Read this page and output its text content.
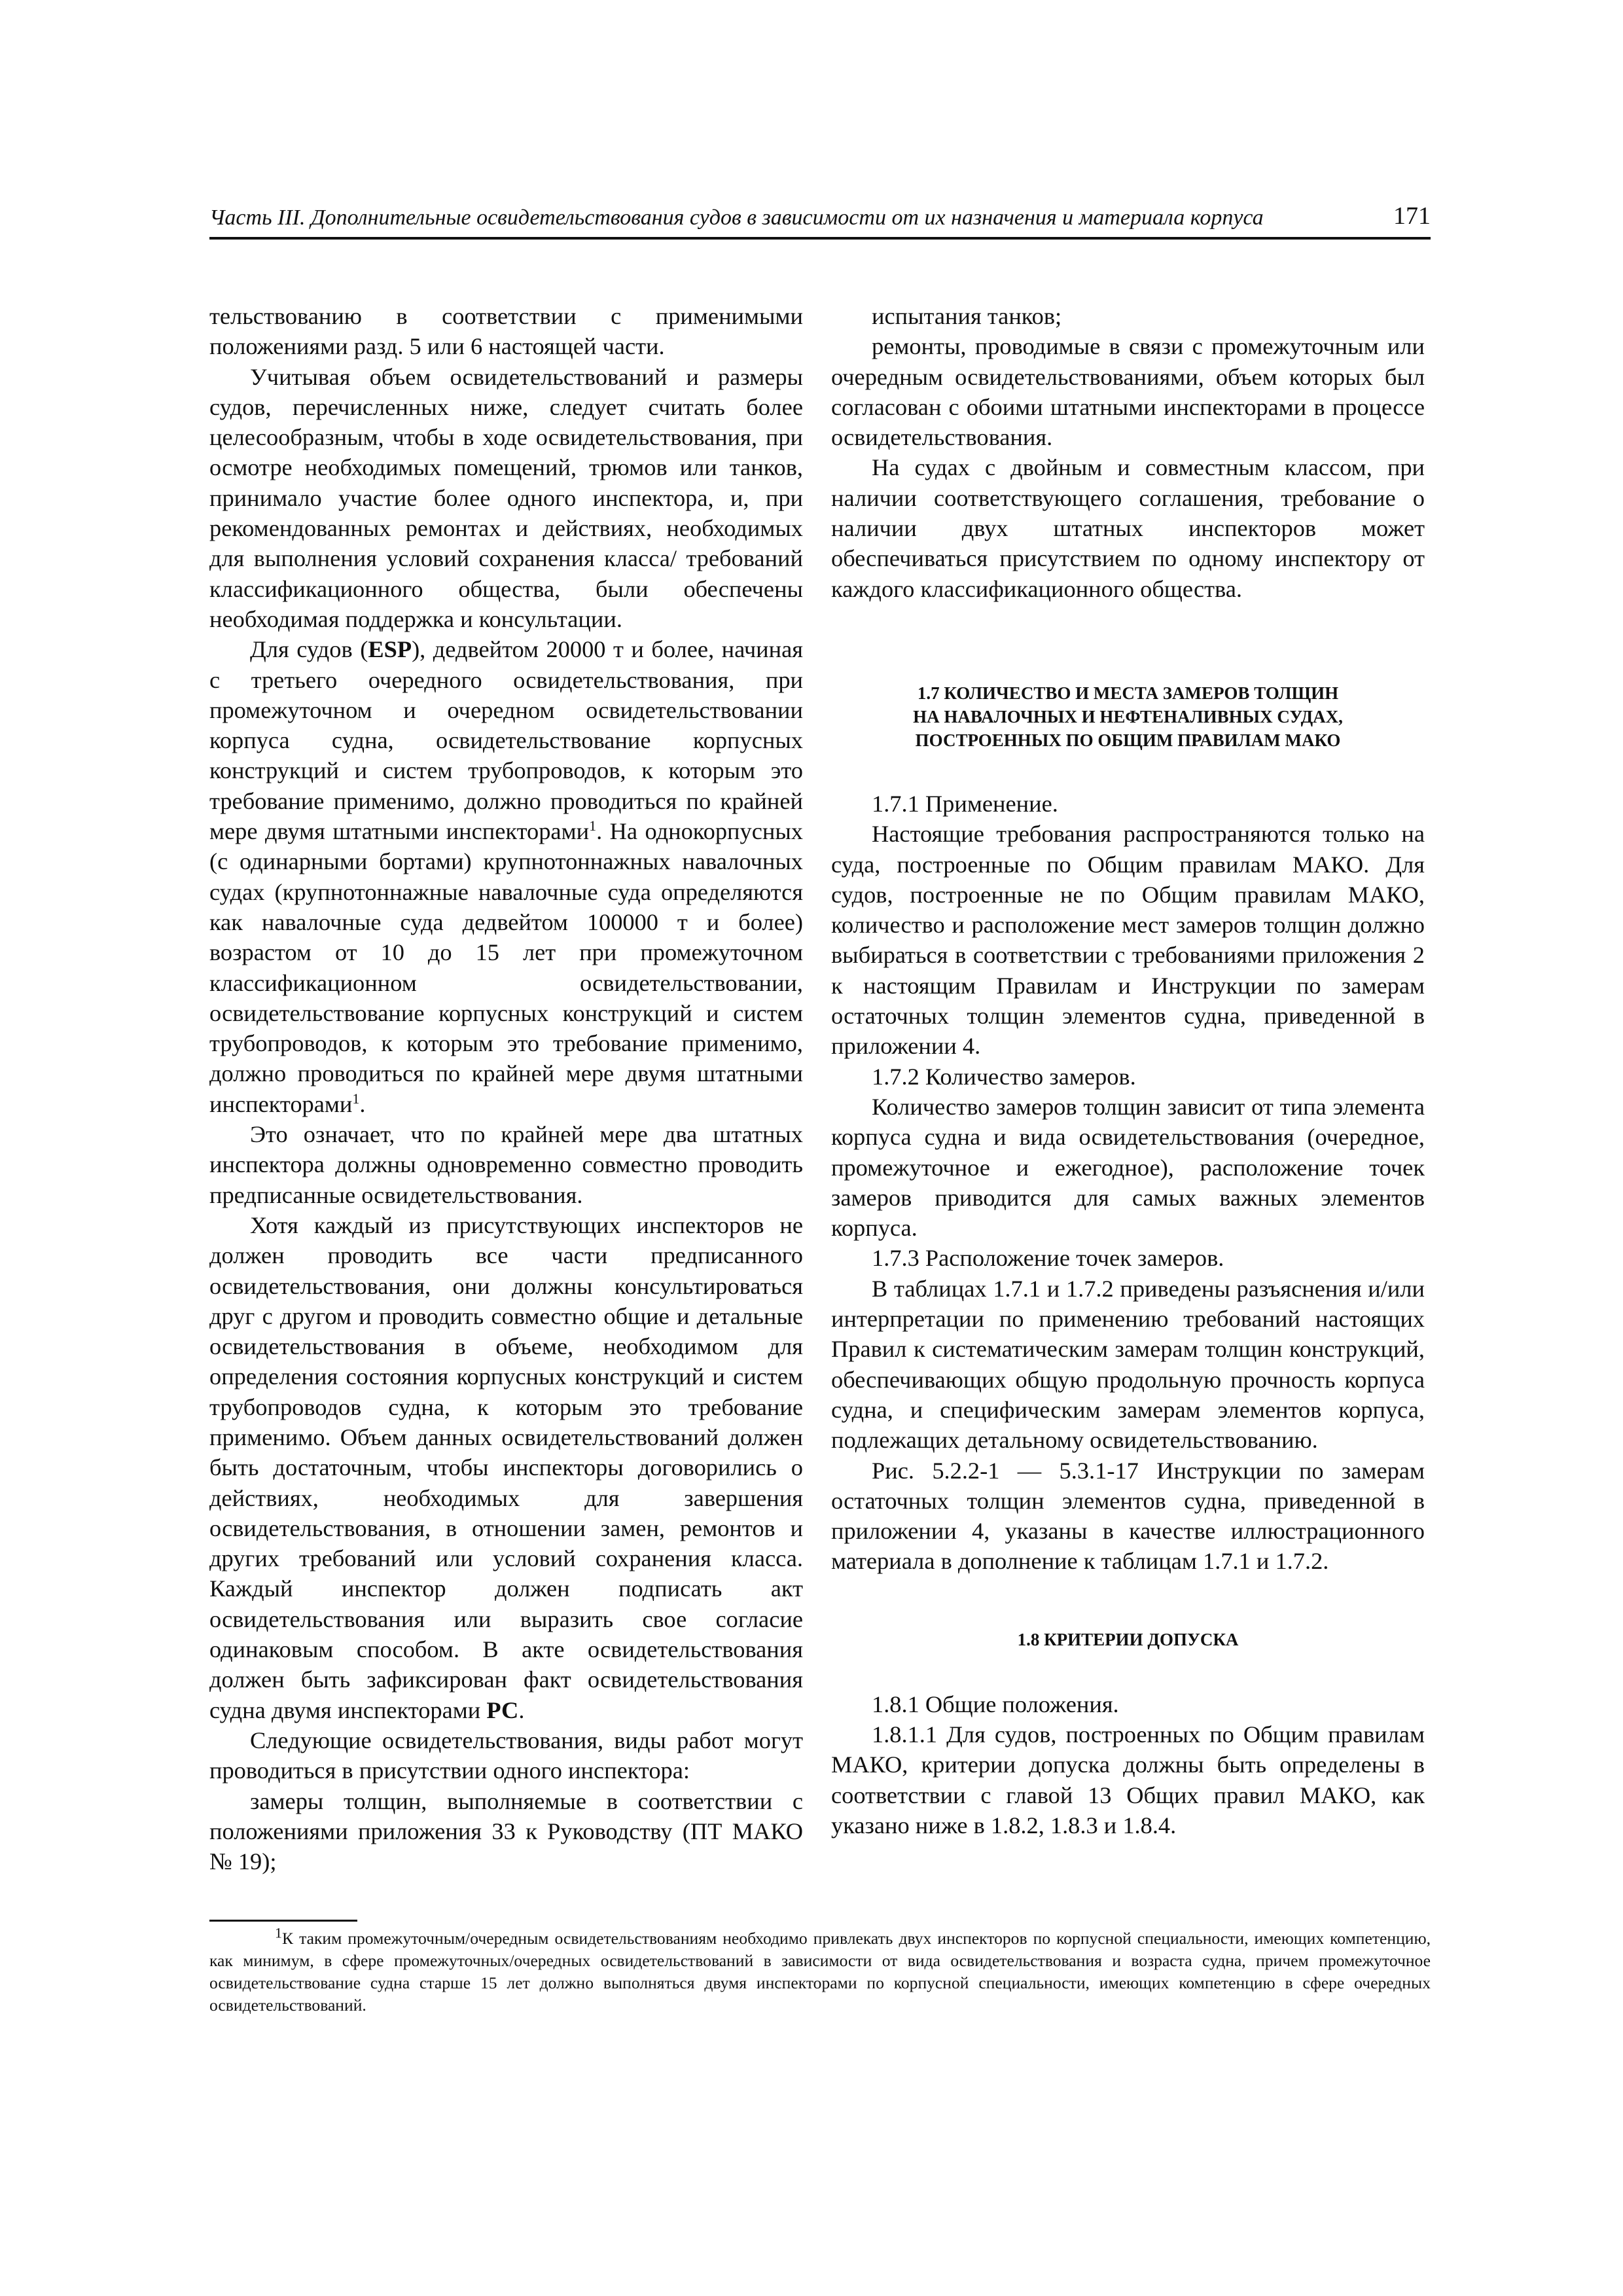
Часть III. Дополнительные освидетельствования судов в зависимости от их назначения и материала корпуса	171

тельствованию в соответствии с применимыми положениями разд. 5 или 6 настоящей части.

Учитывая объем освидетельствований и размеры судов, перечисленных ниже, следует считать более целесообразным, чтобы в ходе освидетельствования, при осмотре необходимых помещений, трюмов или танков, принимало участие более одного инспектора, и, при рекомендованных ремонтах и действиях, необходимых для выполнения условий сохранения класса/ требований классификационного общества, были обеспечены необходимая поддержка и консультации.

Для судов (ESP), дедвейтом 20000 т и более, начиная с третьего очередного освидетельствования, при промежуточном и очередном освидетельствовании корпуса судна, освидетельствование корпусных конструкций и систем трубопроводов, к которым это требование применимо, должно проводиться по крайней мере двумя штатными инспекторами$^1$. На однокорпусных (с одинарными бортами) крупнотоннажных навалочных судах (крупнотоннажные навалочные суда определяются как навалочные суда дедвейтом 100000 т и более) возрастом от 10 до 15 лет при промежуточном классификационном освидетельствовании, освидетельствование корпусных конструкций и систем трубопроводов, к которым это требование применимо, должно проводиться по крайней мере двумя штатными инспекторами$^1$.

Это означает, что по крайней мере два штатных инспектора должны одновременно совместно проводить предписанные освидетельствования.

Хотя каждый из присутствующих инспекторов не должен проводить все части предписанного освидетельствования, они должны консультироваться друг с другом и проводить совместно общие и детальные освидетельствования в объеме, необходимом для определения состояния корпусных конструкций и систем трубопроводов судна, к которым это требование применимо. Объем данных освидетельствований должен быть достаточным, чтобы инспекторы договорились о действиях, необходимых для завершения освидетельствования, в отношении замен, ремонтов и других требований или условий сохранения класса. Каждый инспектор должен подписать акт освидетельствования или выразить свое согласие одинаковым способом. В акте освидетельствования должен быть зафиксирован факт освидетельствования судна двумя инспекторами РС.

Следующие освидетельствования, виды работ могут проводиться в присутствии одного инспектора:

замеры толщин, выполняемые в соответствии с положениями приложения 33 к Руководству (ПТ МАКО № 19);

испытания танков;

ремонты, проводимые в связи с промежуточным или очередным освидетельствованиями, объем которых был согласован с обоими штатными инспекторами в процессе освидетельствования.

На судах с двойным и совместным классом, при наличии соответствующего соглашения, требование о наличии двух штатных инспекторов может обеспечиваться присутствием по одному инспектору от каждого классификационного общества.

1.7 КОЛИЧЕСТВО И МЕСТА ЗАМЕРОВ ТОЛЩИН
НА НАВАЛОЧНЫХ И НЕФТЕНАЛИВНЫХ СУДАХ,
ПОСТРОЕННЫХ ПО ОБЩИМ ПРАВИЛАМ МАКО

1.7.1 Применение.

Настоящие требования распространяются только на суда, построенные по Общим правилам МАКО. Для судов, построенные не по Общим правилам МАКО, количество и расположение мест замеров толщин должно выбираться в соответствии с требованиями приложения 2 к настоящим Правилам и Инструкции по замерам остаточных толщин элементов судна, приведенной в приложении 4.

1.7.2 Количество замеров.

Количество замеров толщин зависит от типа элемента корпуса судна и вида освидетельствования (очередное, промежуточное и ежегодное), расположение точек замеров приводится для самых важных элементов корпуса.

1.7.3 Расположение точек замеров.

В таблицах 1.7.1 и 1.7.2 приведены разъяснения и/или интерпретации по применению требований настоящих Правил к систематическим замерам толщин конструкций, обеспечивающих общую продольную прочность корпуса судна, и специфическим замерам элементов корпуса, подлежащих детальному освидетельствованию.

Рис. 5.2.2-1 — 5.3.1-17 Инструкции по замерам остаточных толщин элементов судна, приведенной в приложении 4, указаны в качестве иллюстрационного материала в дополнение к таблицам 1.7.1 и 1.7.2.

1.8 КРИТЕРИИ ДОПУСКА

1.8.1 Общие положения.

1.8.1.1 Для судов, построенных по Общим правилам МАКО, критерии допуска должны быть определены в соответствии с главой 13 Общих правил МАКО, как указано ниже в 1.8.2, 1.8.3 и 1.8.4.

1К таким промежуточным/очередным освидетельствованиям необходимо привлекать двух инспекторов по корпусной специальности, имеющих компетенцию, как минимум, в сфере промежуточных/очередных освидетельствований в зависимости от вида освидетельствования и возраста судна, причем промежуточное освидетельствование судна старше 15 лет должно выполняться двумя инспекторами по корпусной специальности, имеющих компетенцию в сфере очередных освидетельствований.
